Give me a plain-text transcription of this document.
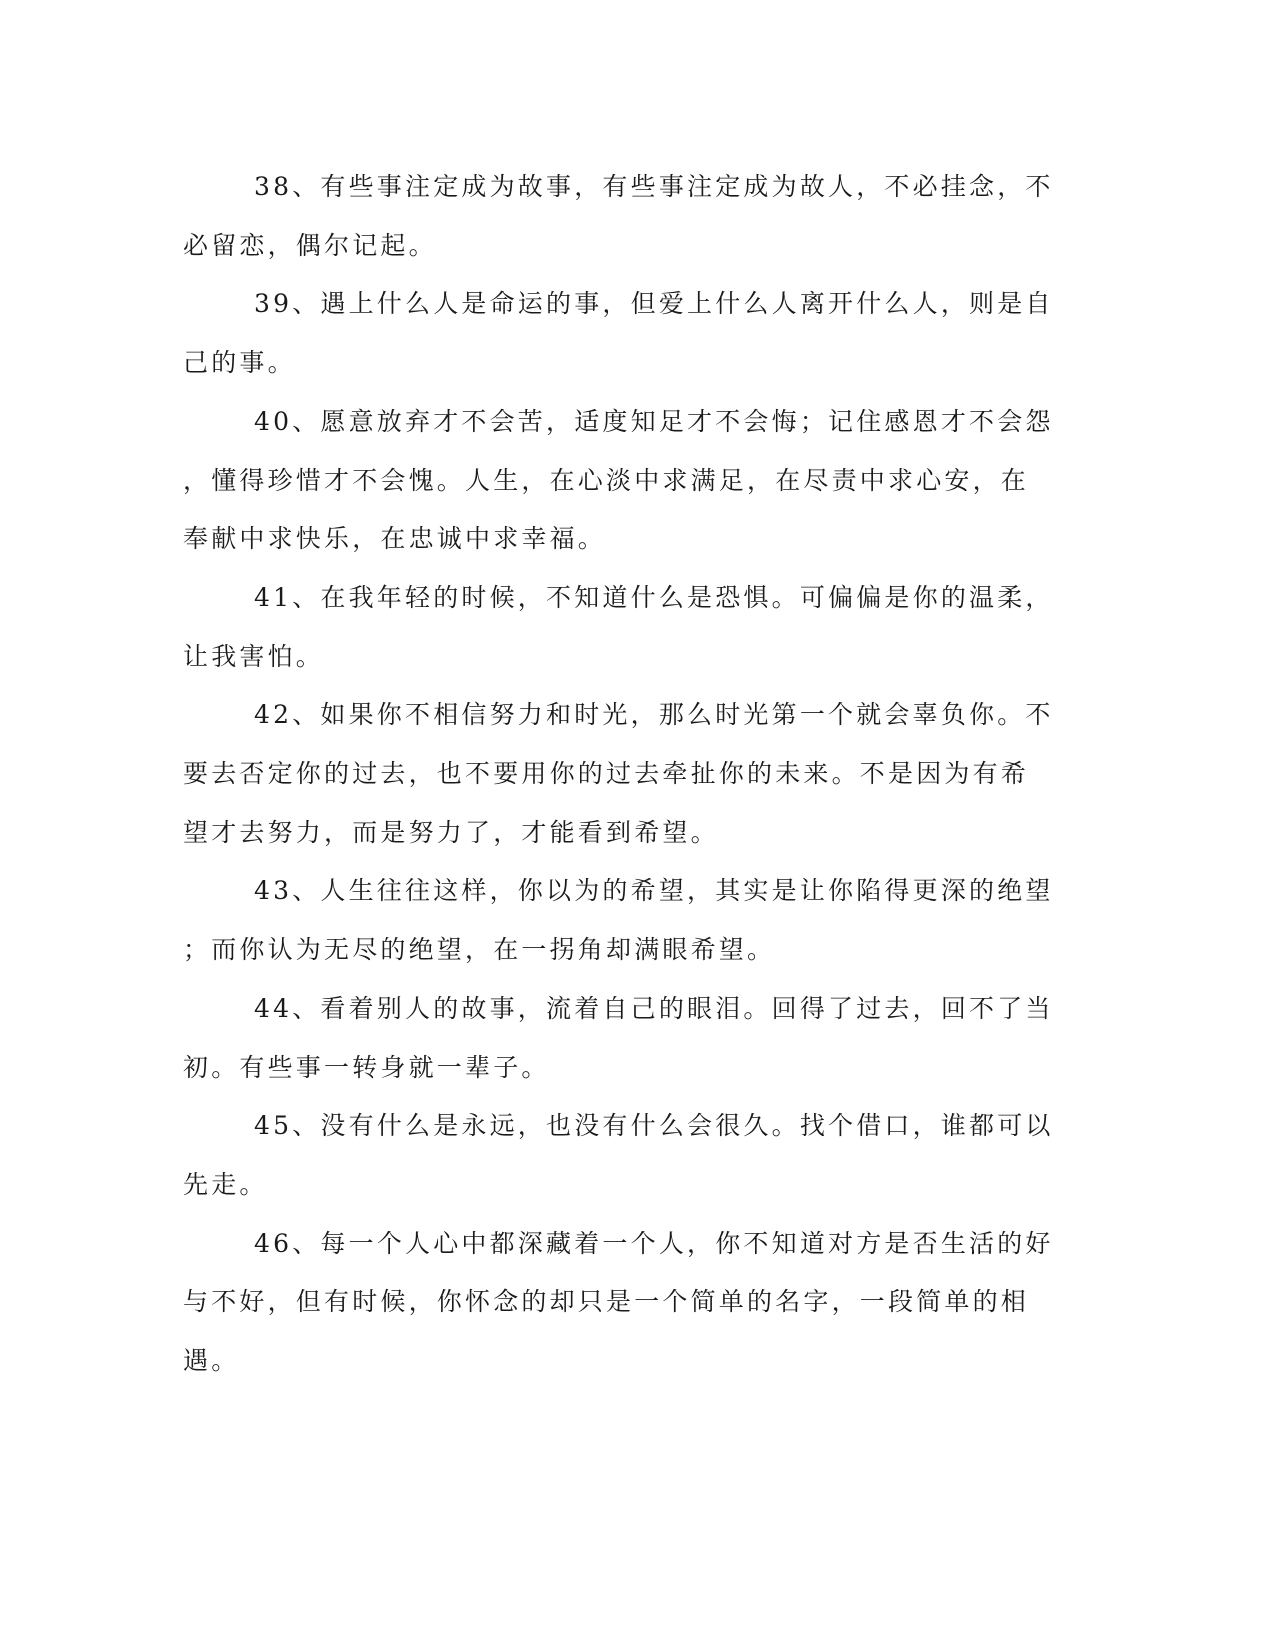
38、有些事注定成为故事，有些事注定成为故人，不必挂念，不
必留恋，偶尔记起。

39、遇上什么人是命运的事，但爱上什么人离开什么人，则是自
己的事。

40、愿意放弃才不会苦，适度知足才不会悔；记住感恩才不会怨
，懂得珍惜才不会愧。人生，在心淡中求满足，在尽责中求心安，在
奉献中求快乐，在忠诚中求幸福。

41、在我年轻的时候，不知道什么是恐惧。可偏偏是你的温柔，
让我害怕。

42、如果你不相信努力和时光，那么时光第一个就会辜负你。不
要去否定你的过去，也不要用你的过去牵扯你的未来。不是因为有希
望才去努力，而是努力了，才能看到希望。

43、人生往往这样，你以为的希望，其实是让你陷得更深的绝望
；而你认为无尽的绝望，在一拐角却满眼希望。

44、看着别人的故事，流着自己的眼泪。回得了过去，回不了当
初。有些事一转身就一辈子。

45、没有什么是永远，也没有什么会很久。找个借口，谁都可以
先走。

46、每一个人心中都深藏着一个人，你不知道对方是否生活的好
与不好，但有时候，你怀念的却只是一个简单的名字，一段简单的相
遇。
